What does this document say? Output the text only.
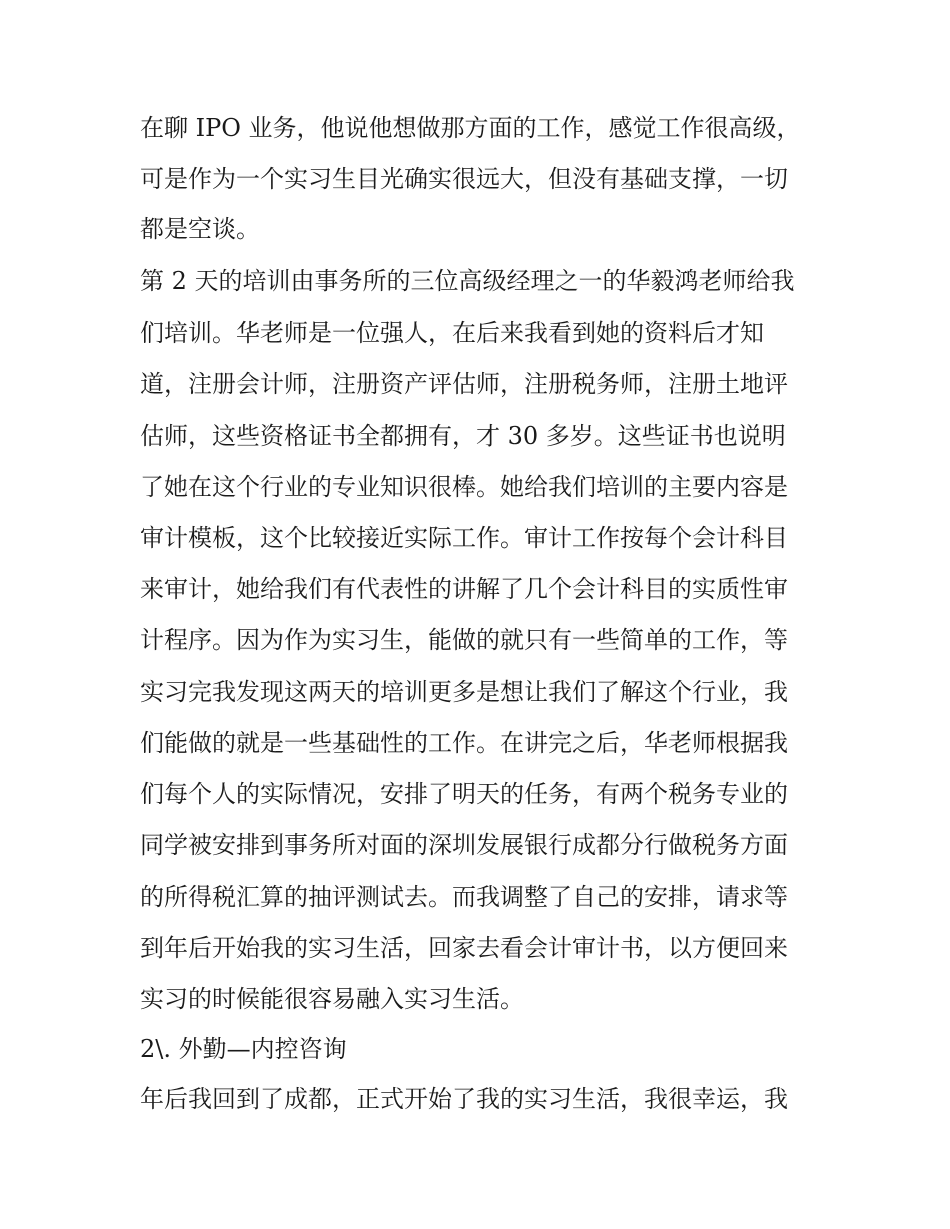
在聊 IPO 业务，他说他想做那方面的工作，感觉工作很高级，
可是作为一个实习生目光确实很远大，但没有基础支撑，一切
都是空谈。
第 2 天的培训由事务所的三位高级经理之一的华毅鸿老师给我
们培训。华老师是一位强人，在后来我看到她的资料后才知
道，注册会计师，注册资产评估师，注册税务师，注册土地评
估师，这些资格证书全都拥有，才 30 多岁。这些证书也说明
了她在这个行业的专业知识很棒。她给我们培训的主要内容是
审计模板，这个比较接近实际工作。审计工作按每个会计科目
来审计，她给我们有代表性的讲解了几个会计科目的实质性审
计程序。因为作为实习生，能做的就只有一些简单的工作，等
实习完我发现这两天的培训更多是想让我们了解这个行业，我
们能做的就是一些基础性的工作。在讲完之后，华老师根据我
们每个人的实际情况，安排了明天的任务，有两个税务专业的
同学被安排到事务所对面的深圳发展银行成都分行做税务方面
的所得税汇算的抽评测试去。而我调整了自己的安排，请求等
到年后开始我的实习生活，回家去看会计审计书，以方便回来
实习的时候能很容易融入实习生活。
2\. 外勤—内控咨询
年后我回到了成都，正式开始了我的实习生活，我很幸运，我
